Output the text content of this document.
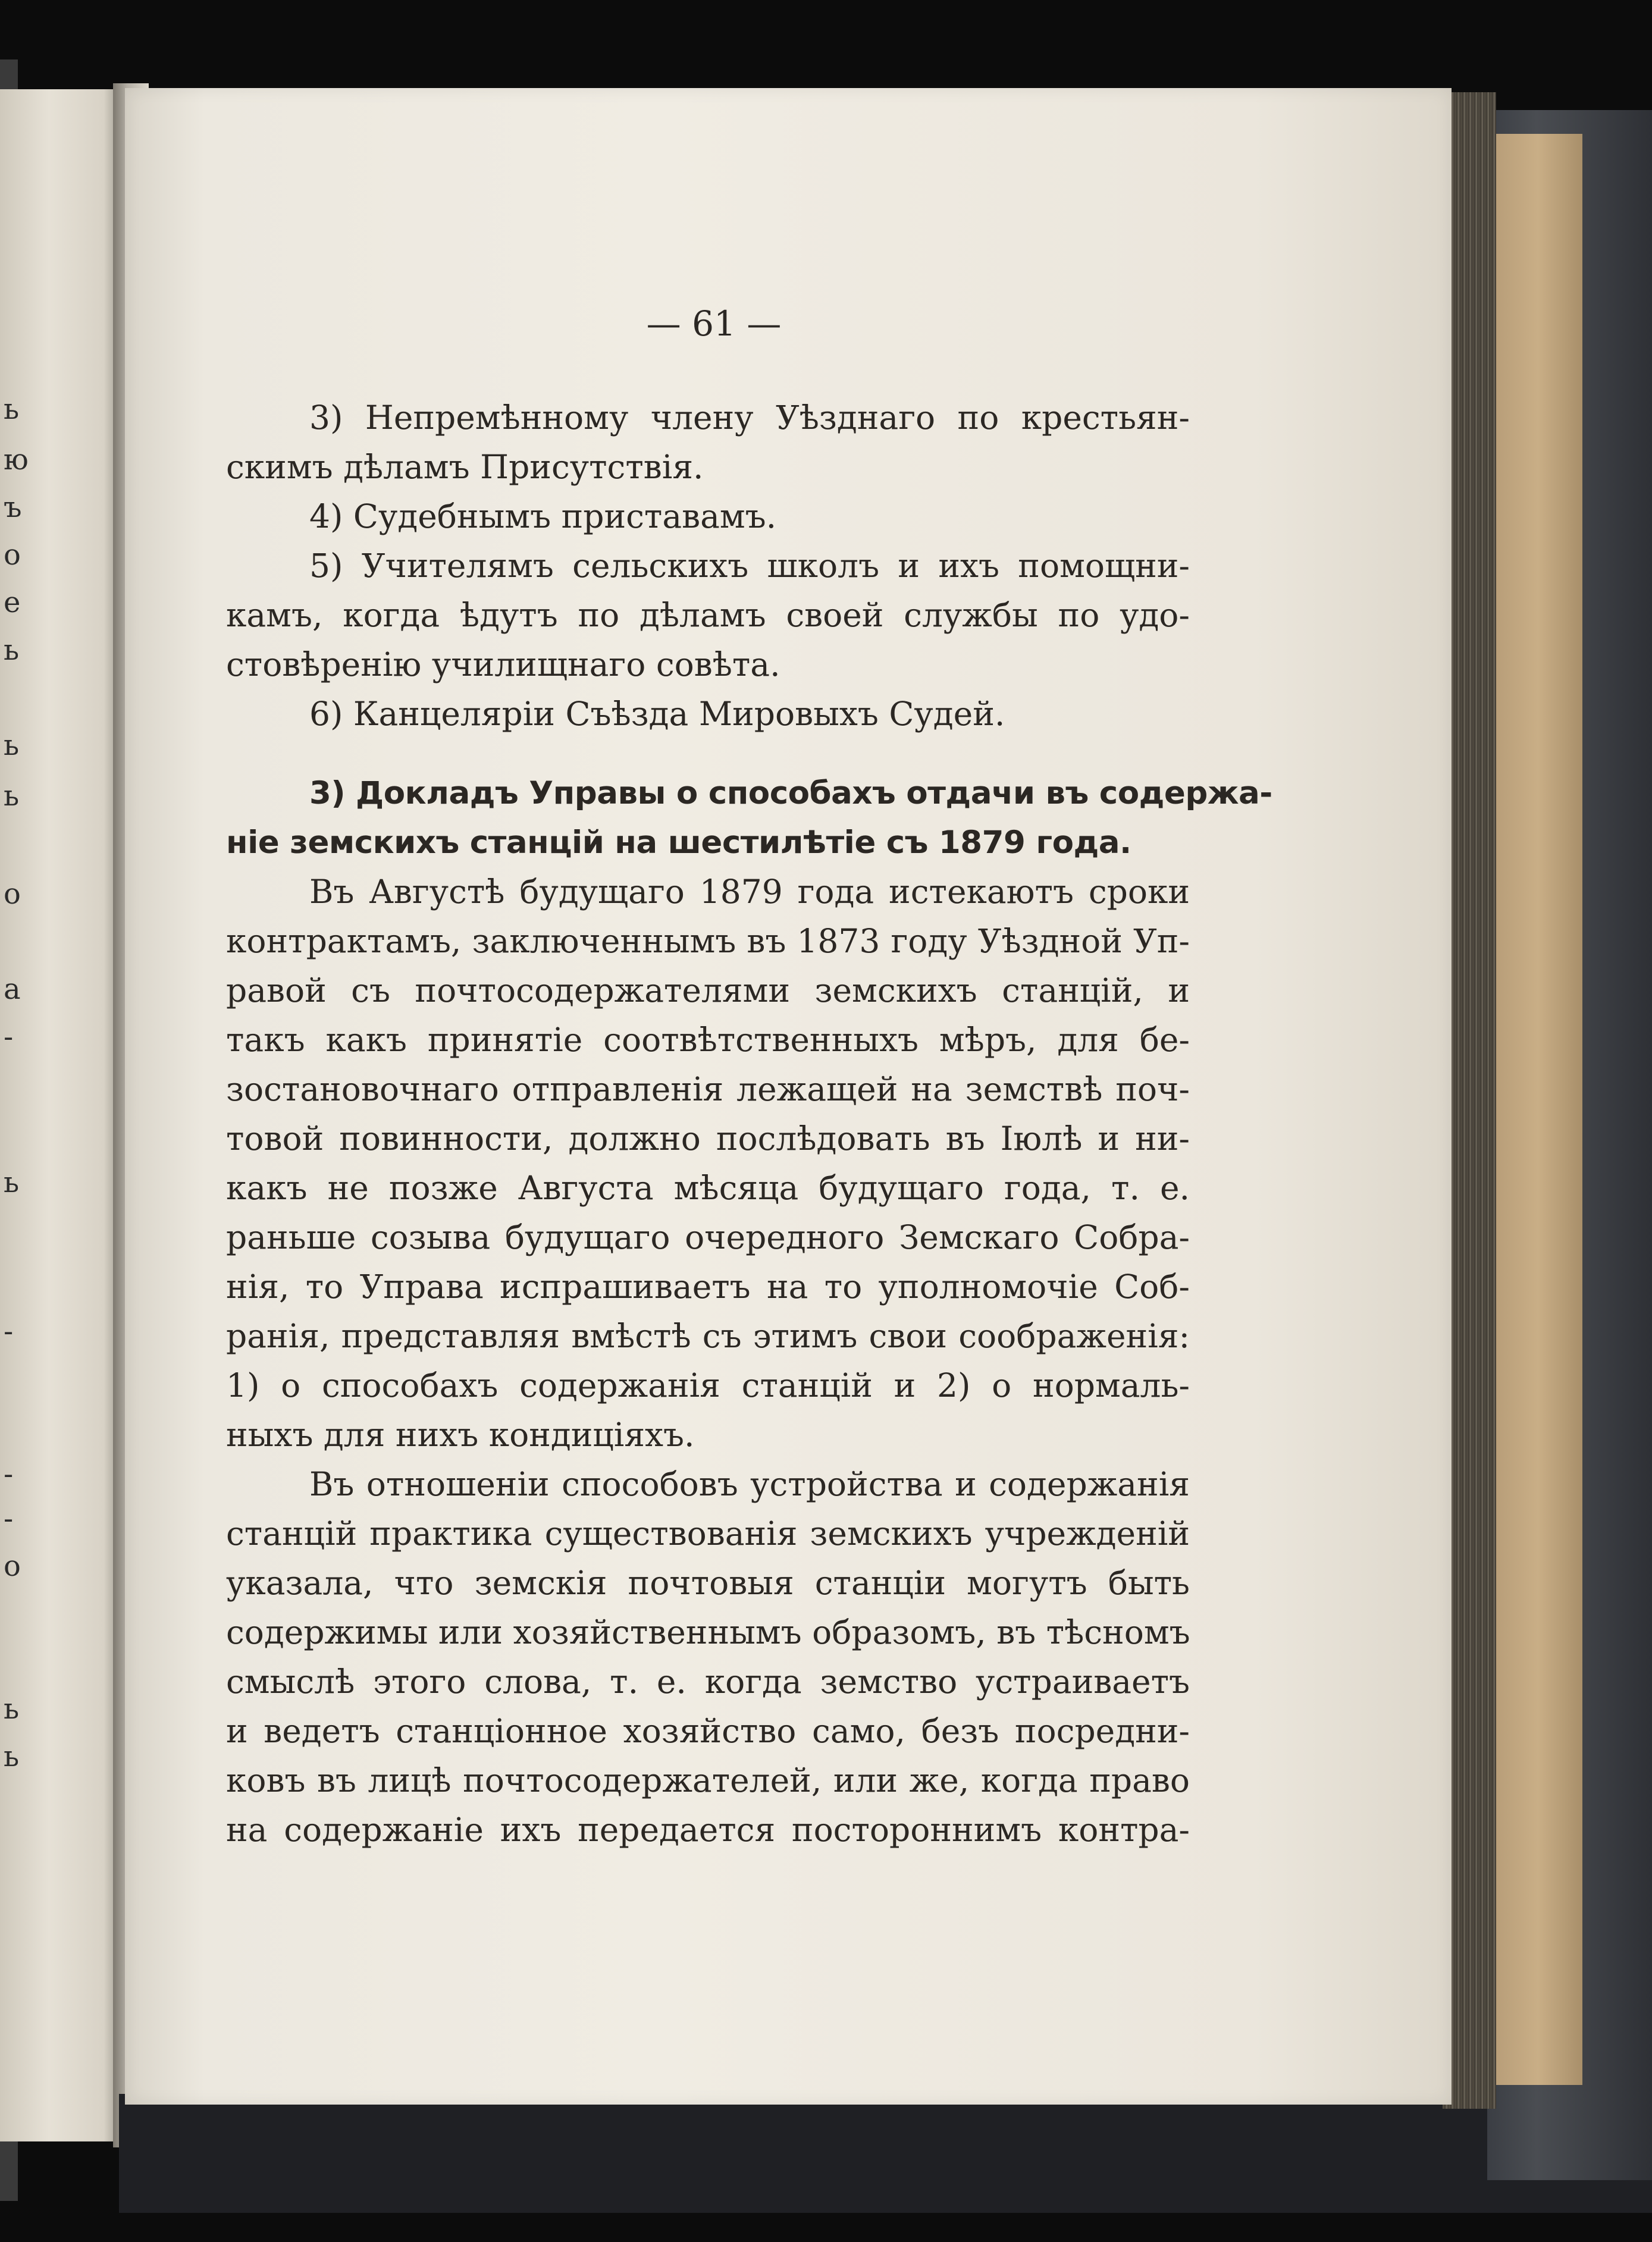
ь
ю
ъ
о
е
ь
ь
ь
о
а
-
ь
-
-
-
о
ь
ь
— 61 —
3) Непремѣнному члену Уѣзднаго по крестьян-
скимъ дѣламъ Присутствія.
4) Судебнымъ приставамъ.
5) Учителямъ сельскихъ школъ и ихъ помощни-
камъ, когда ѣдутъ по дѣламъ своей службы по удо-
стовѣренію училищнаго совѣта.
6) Канцеляріи Съѣзда Мировыхъ Судей.
3) Докладъ Управы о способахъ отдачи въ содержа-
ніе земскихъ станцій на шестилѣтіе съ 1879 года.
Въ Августѣ будущаго 1879 года истекаютъ сроки
контрактамъ, заключеннымъ въ 1873 году Уѣздной Уп-
равой съ почтосодержателями земскихъ станцій, и
такъ какъ принятіе соотвѣтственныхъ мѣръ, для бе-
зостановочнаго отправленія лежащей на земствѣ поч-
товой повинности, должно послѣдовать въ Іюлѣ и ни-
какъ не позже Августа мѣсяца будущаго года, т. е.
раньше созыва будущаго очередного Земскаго Собра-
нія, то Управа испрашиваетъ на то уполномочіе Соб-
ранія, представляя вмѣстѣ съ этимъ свои соображенія:
1) о способахъ содержанія станцій и 2) о нормаль-
ныхъ для нихъ кондиціяхъ.
Въ отношеніи способовъ устройства и содержанія
станцій практика существованія земскихъ учрежденій
указала, что земскія почтовыя станціи могутъ быть
содержимы или хозяйственнымъ образомъ, въ тѣсномъ
смыслѣ этого слова, т. е. когда земство устраиваетъ
и ведетъ станціонное хозяйство само, безъ посредни-
ковъ въ лицѣ почтосодержателей, или же, когда право
на содержаніе ихъ передается постороннимъ контра-
